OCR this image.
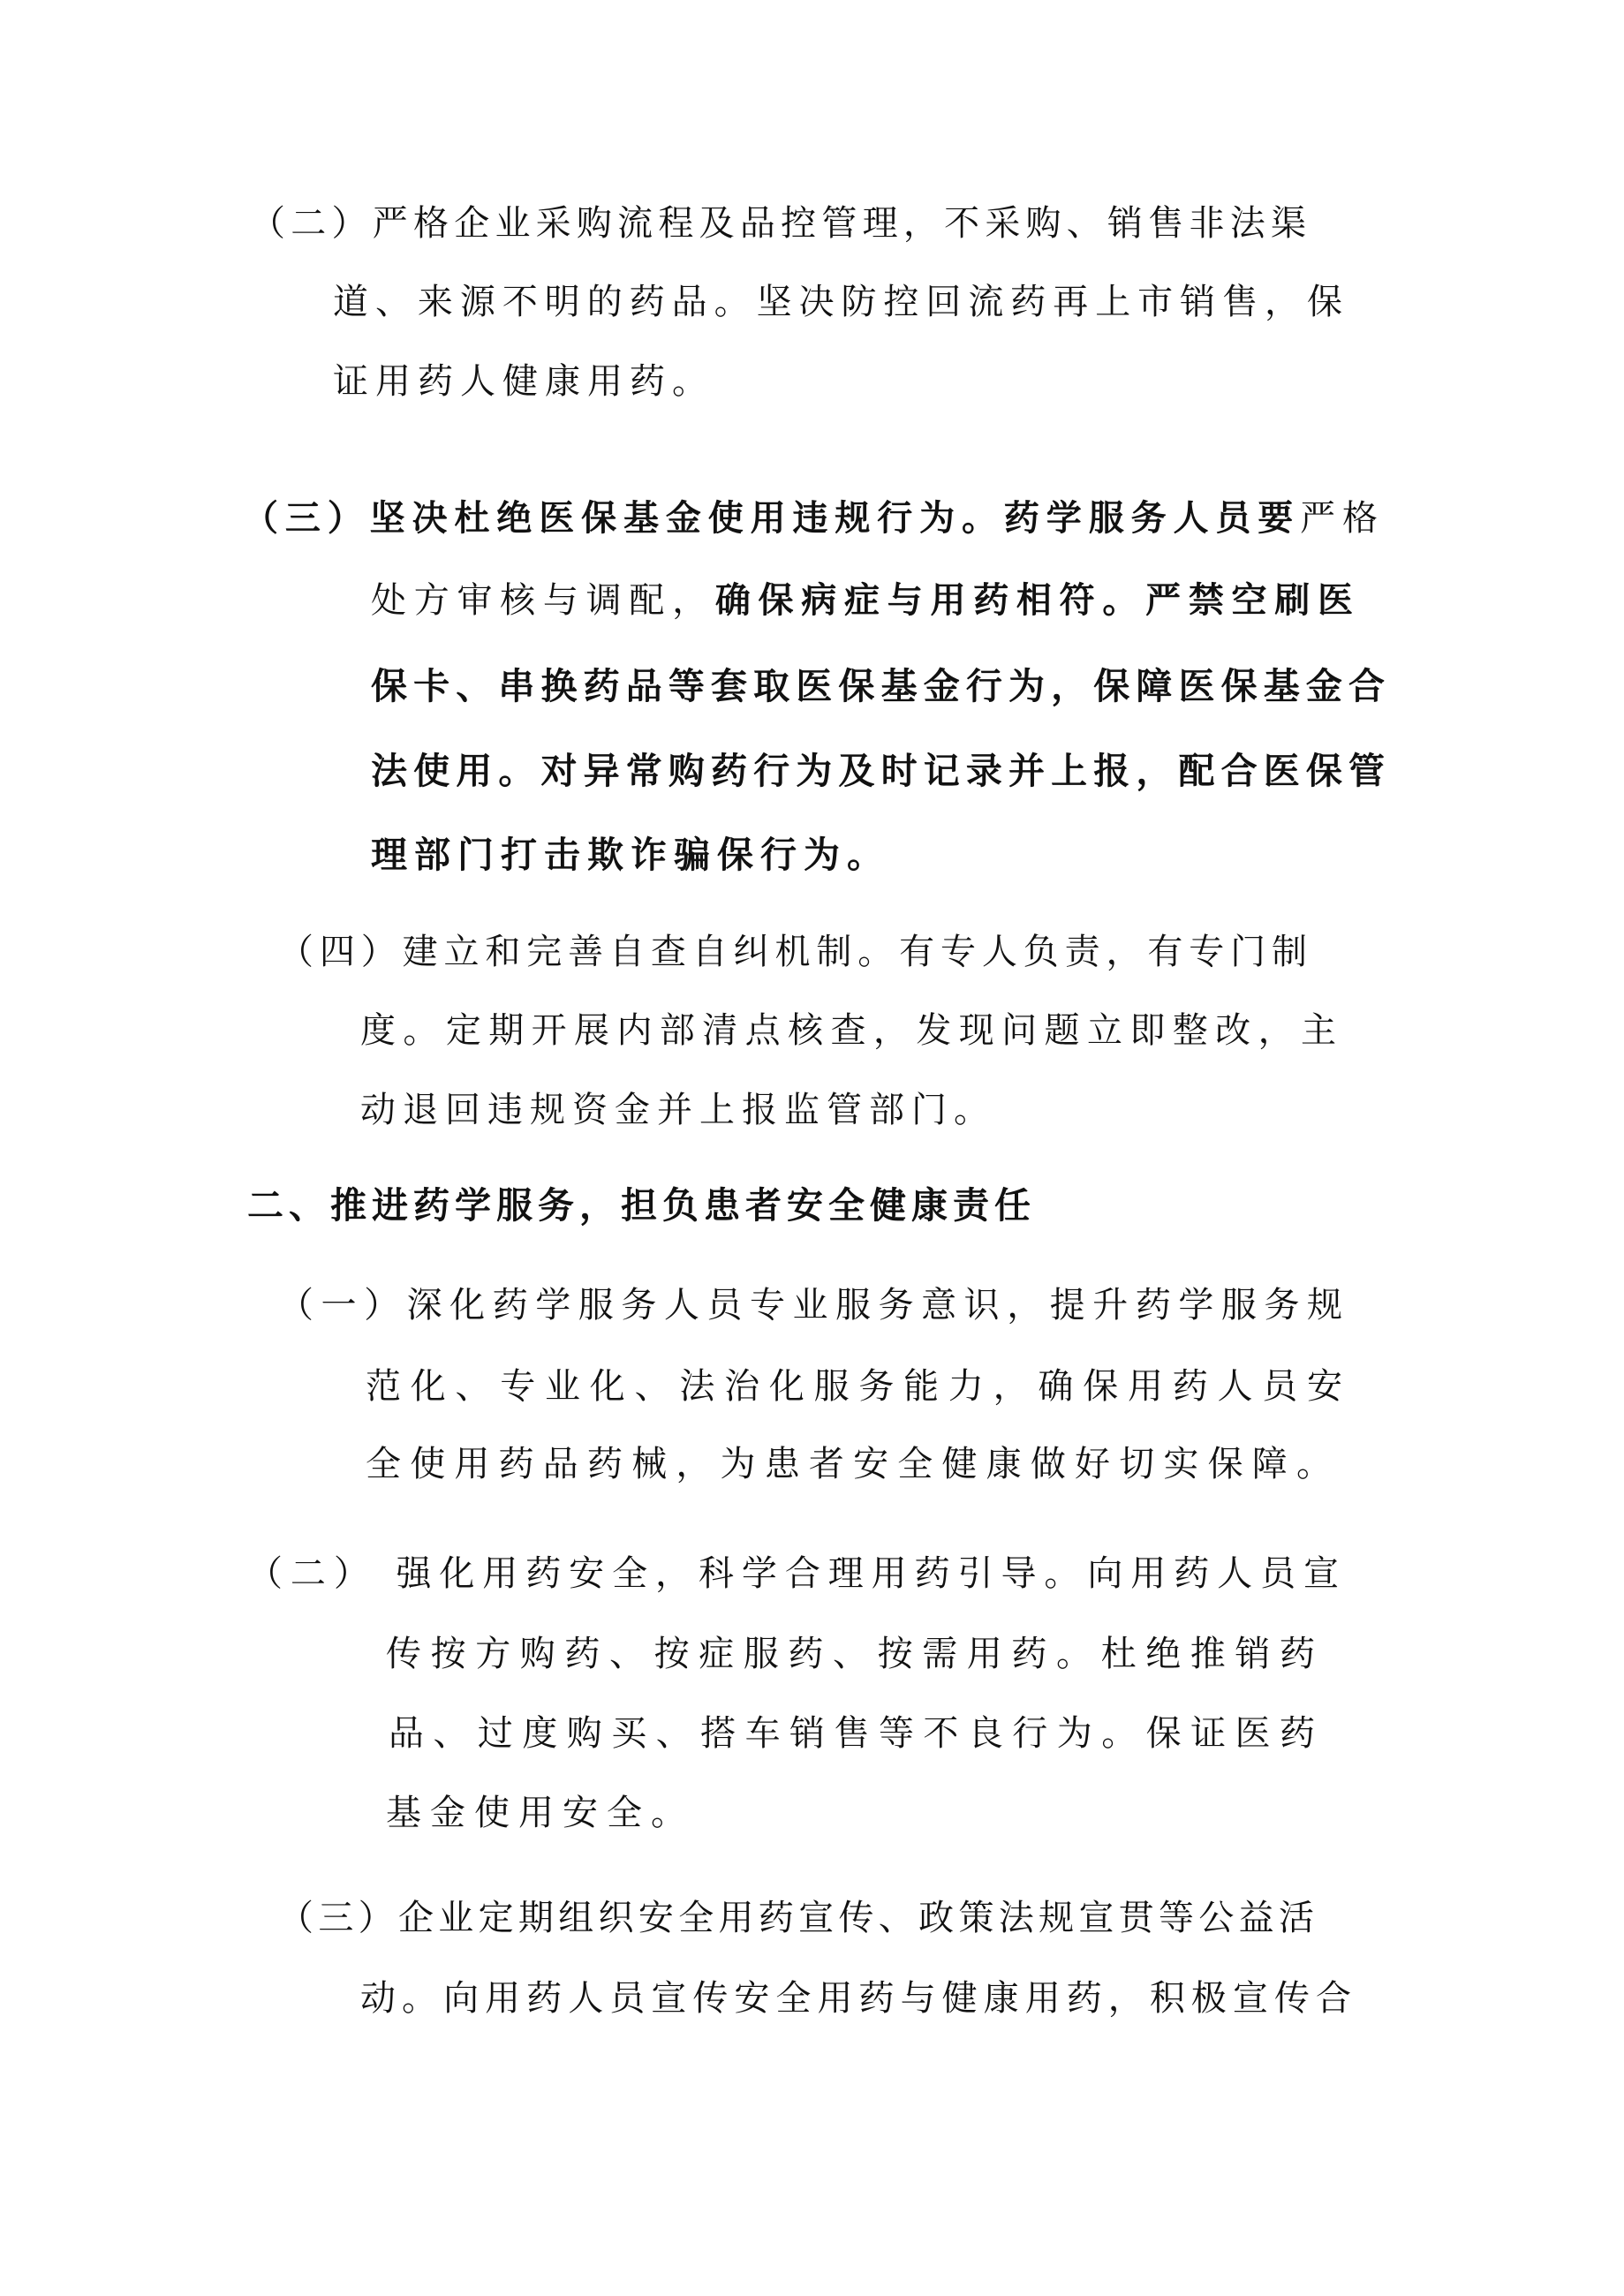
（二）严格企业采购流程及品控管理，不采购、销售非法渠
道、来源不明的药品。坚决防控回流药再上市销售，保
证用药人健康用药。
（三）坚决杜绝医保基金使用违规行为。药学服务人员要严格
处方审核与调配，确保病症与用药相符。严禁空刷医
保卡、串换药品等套取医保基金行为，保障医保基金合
法使用。对异常购药行为及时记录并上报，配合医保管
理部门打击欺诈骗保行为。
（四）建立和完善自查自纠机制。有专人负责，有专门制
度。定期开展内部清点核查，发现问题立即整改，主
动退回违规资金并上报监管部门。
二、推进药学服务，担负患者安全健康责任
（一）深化药学服务人员专业服务意识，提升药学服务规
范化、专业化、法治化服务能力，确保用药人员安
全使用药品药械，为患者安全健康做好切实保障。
（二） 强化用药安全，科学合理用药引导。向用药人员宣
传按方购药、按症服药、按需用药。杜绝推销药
品、过度购买、搭车销售等不良行为。保证医药
基金使用安全。
（三）企业定期组织安全用药宣传、政策法规宣贯等公益活
动。向用药人员宣传安全用药与健康用药，积极宣传合
